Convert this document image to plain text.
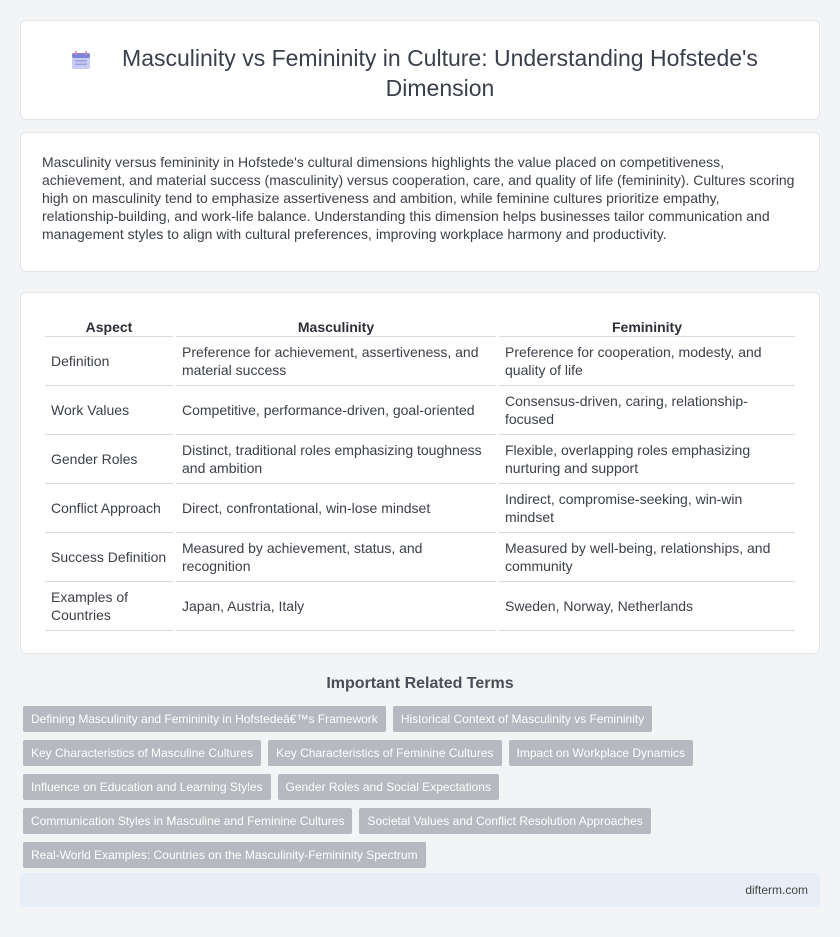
Masculinity vs Femininity in Culture: Understanding Hofstede's Dimension

Masculinity versus femininity in Hofstede's cultural dimensions highlights the value placed on competitiveness, achievement, and material success (masculinity) versus cooperation, care, and quality of life (femininity). Cultures scoring high on masculinity tend to emphasize assertiveness and ambition, while feminine cultures prioritize empathy, relationship-building, and work-life balance. Understanding this dimension helps businesses tailor communication and management styles to align with cultural preferences, improving workplace harmony and productivity.

Aspect	Masculinity	Femininity
Definition	Preference for achievement, assertiveness, and material success	Preference for cooperation, modesty, and quality of life
Work Values	Competitive, performance-driven, goal-oriented	Consensus-driven, caring, relationship-focused
Gender Roles	Distinct, traditional roles emphasizing toughness and ambition	Flexible, overlapping roles emphasizing nurturing and support
Conflict Approach	Direct, confrontational, win-lose mindset	Indirect, compromise-seeking, win-win mindset
Success Definition	Measured by achievement, status, and recognition	Measured by well-being, relationships, and community
Examples of Countries	Japan, Austria, Italy	Sweden, Norway, Netherlands
Important Related Terms
Defining Masculinity and Femininity in Hofstedeâ€™s Framework	Historical Context of Masculinity vs Femininity
Key Characteristics of Masculine Cultures	Key Characteristics of Feminine Cultures	Impact on Workplace Dynamics
Influence on Education and Learning Styles	Gender Roles and Social Expectations
Communication Styles in Masculine and Feminine Cultures	Societal Values and Conflict Resolution Approaches
Real-World Examples: Countries on the Masculinity-Femininity Spectrum
difterm.com
